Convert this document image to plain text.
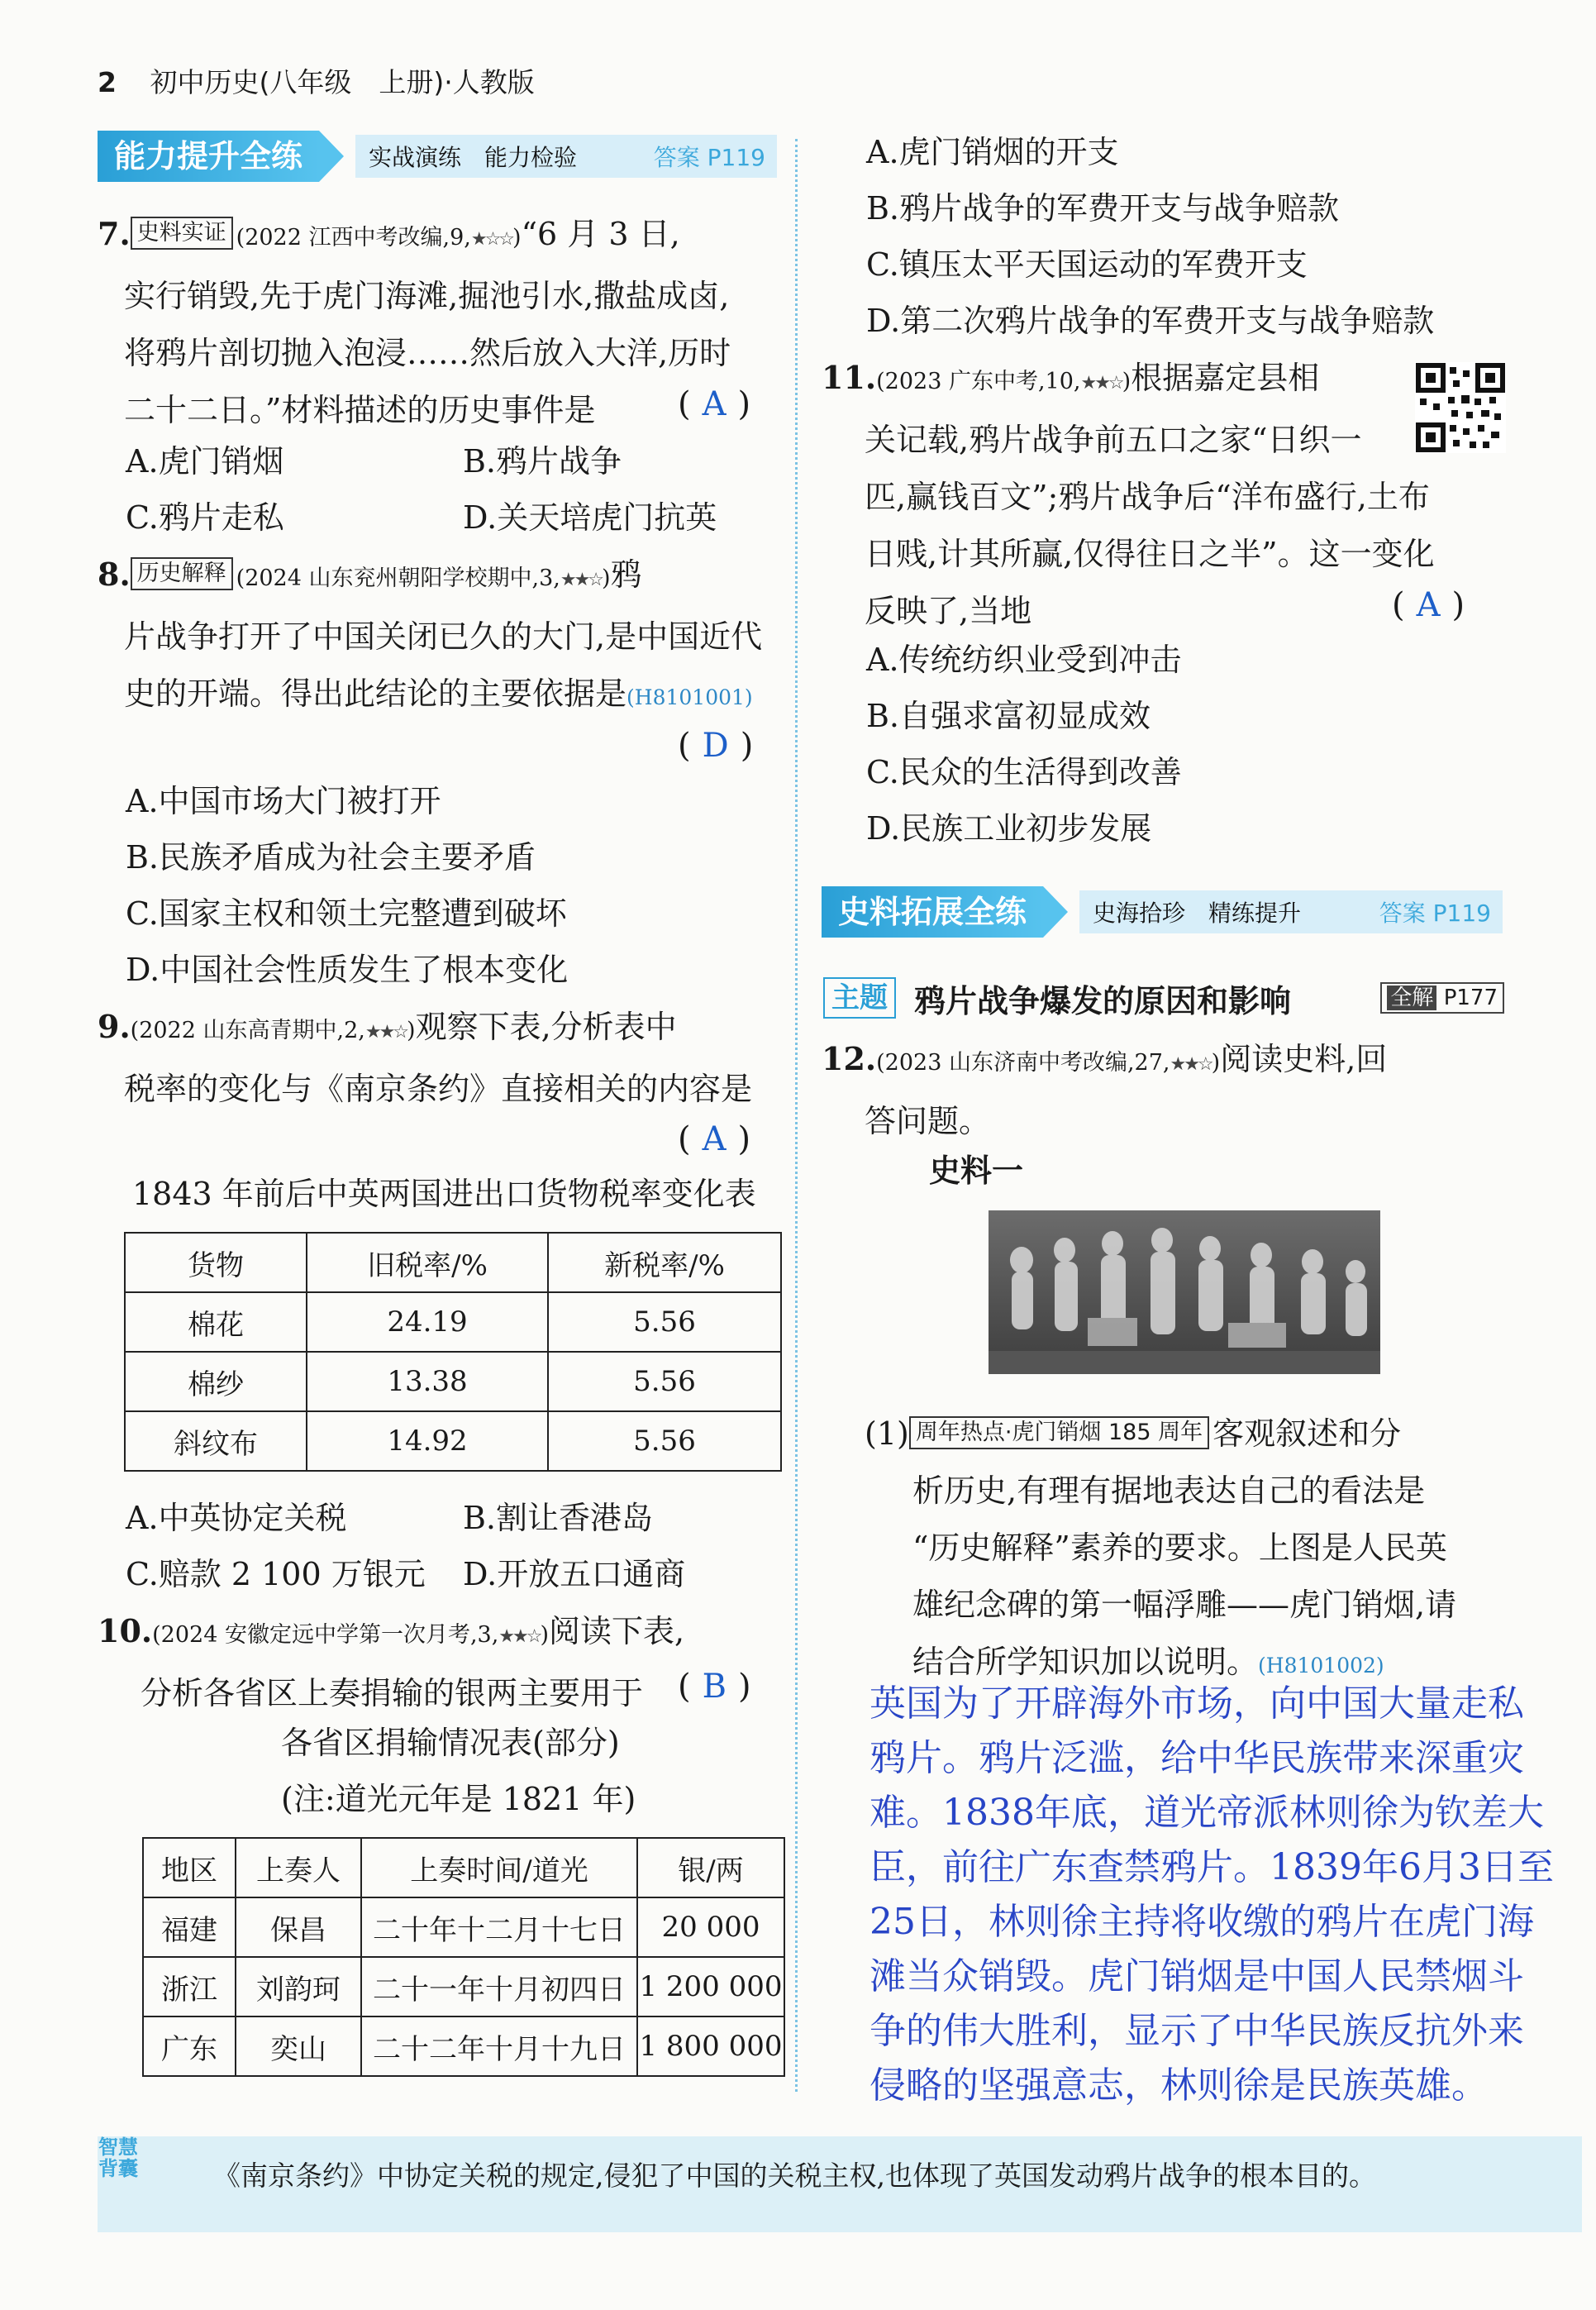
2 初中历史(八年级　上册)·人教版
能力提升全练	实战演练　能力检验	答案 P119
7. 史料实证 (2022 江西中考改编,9,★☆☆)“6 月 3 日,
实行销毁,先于虎门海滩,掘池引水,撒盐成卤,
将鸦片剖切抛入泡浸……然后放入大洋,历时
二十二日。”材料描述的历史事件是	( A )
A.虎门销烟	B.鸦片战争
C.鸦片走私	D.关天培虎门抗英
8. 历史解释 (2024 山东兖州朝阳学校期中,3,★★☆)鸦
片战争打开了中国关闭已久的大门,是中国近代
史的开端。得出此结论的主要依据是(H8101001)
( D )
A.中国市场大门被打开
B.民族矛盾成为社会主要矛盾
C.国家主权和领土完整遭到破坏
D.中国社会性质发生了根本变化
9.(2022 山东高青期中,2,★★☆)观察下表,分析表中
税率的变化与《南京条约》直接相关的内容是
( A )
1843 年前后中英两国进出口货物税率变化表
货物	旧税率/%	新税率/%
棉花	24.19	5.56
棉纱	13.38	5.56
斜纹布	14.92	5.56
A.中英协定关税	B.割让香港岛
C.赔款 2 100 万银元 D.开放五口通商
10.(2024 安徽定远中学第一次月考,3,★★☆)阅读下表,
分析各省区上奏捐输的银两主要用于	( B )
各省区捐输情况表(部分)
(注:道光元年是 1821 年)
地区	上奏人	上奏时间/道光	银/两
福建	保昌	二十年十二月十七日	20 000
浙江	刘韵珂	二十一年十月初四日	1 200 000
广东	奕山	二十二年十月十九日	1 800 000
A.虎门销烟的开支
B.鸦片战争的军费开支与战争赔款
C.镇压太平天国运动的军费开支
D.第二次鸦片战争的军费开支与战争赔款
11.(2023 广东中考,10,★★☆)根据嘉定县相
关记载,鸦片战争前五口之家“日织一
匹,赢钱百文”;鸦片战争后“洋布盛行,土布
日贱,计其所赢,仅得往日之半”。这一变化
反映了,当地	( A )
A.传统纺织业受到冲击
B.自强求富初显成效
C.民众的生活得到改善
D.民族工业初步发展
史料拓展全练	史海拾珍　精练提升	答案 P119
主题 鸦片战争爆发的原因和影响	全解 P177
12.(2023 山东济南中考改编,27,★★☆)阅读史料,回
答问题。
史料一
(1) 周年热点·虎门销烟 185 周年 客观叙述和分
析历史,有理有据地表达自己的看法是
“历史解释”素养的要求。上图是人民英
雄纪念碑的第一幅浮雕——虎门销烟,请
结合所学知识加以说明。(H8101002)
英国为了开辟海外市场，向中国大量走私
鸦片。鸦片泛滥，给中华民族带来深重灾
难。1838年底，道光帝派林则徐为钦差大
臣，前往广东查禁鸦片。1839年6月3日至
25日，林则徐主持将收缴的鸦片在虎门海
滩当众销毁。虎门销烟是中国人民禁烟斗
争的伟大胜利，显示了中华民族反抗外来
侵略的坚强意志，林则徐是民族英雄。
智慧背囊	《南京条约》中协定关税的规定,侵犯了中国的关税主权,也体现了英国发动鸦片战争的根本目的。
